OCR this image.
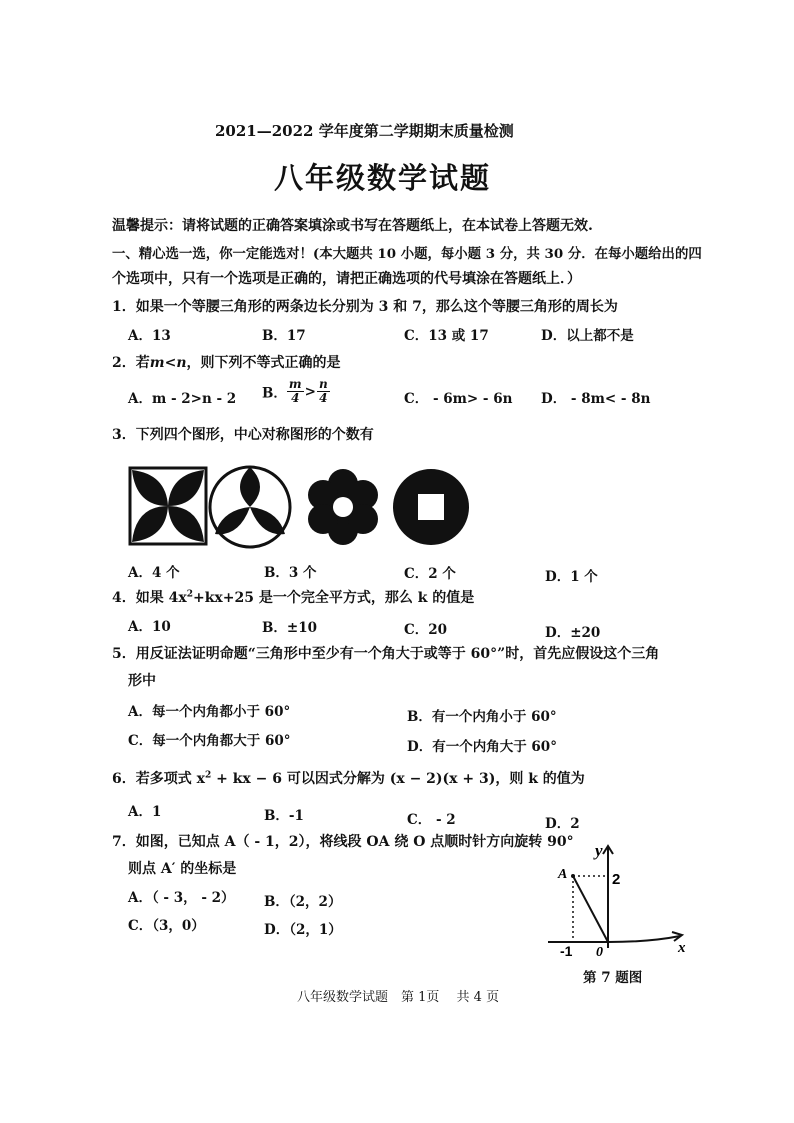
2021—2022 学年度第二学期期末质量检测
八年级数学试题
温馨提示：请将试题的正确答案填涂或书写在答题纸上，在本试卷上答题无效.
一、精心选一选，你一定能选对！(本大题共 10 小题，每小题 3 分，共 30 分．在每小题给出的四
个选项中，只有一个选项是正确的，请把正确选项的代号填涂在答题纸上．）
1．如果一个等腰三角形的两条边长分别为 3 和 7，那么这个等腰三角形的周长为
A．13	B．17	C．13 或 17	D．以上都不是
2．若m<n，则下列不等式正确的是
A．m - 2>n - 2 B． $\frac{m}{4} > \frac{n}{4}$	C． - 6m> - 6n D． - 8m< - 8n
3．下列四个图形，中心对称图形的个数有
A．4 个	B．3 个	C．2 个	D．1 个
4．如果 $4x^2+kx+25$ 是一个完全平方式，那么 k 的值是
A．10	B．±10	C．20	D．±20
5．用反证法证明命题“三角形中至少有一个角大于或等于 60°”时，首先应假设这个三角
形中
A．每一个内角都小于 60°	B．有一个内角小于 60°
C．每一个内角都大于 60°	D．有一个内角大于 60°
6．若多项式 $x^2$ + kx − 6 可以因式分解为 (x − 2)(x + 3)，则 k 的值为
A．1	B．-1	C． - 2	D．2
7．如图，已知点 A（ - 1，2），将线段 OA 绕 O 点顺时针方向旋转 90°
则点 A′ 的坐标是
A．（ - 3， - 2） B．（2，2）
C．（3，0）	D．（2，1）
A
y
2
-1 0	x
第 7 题图
八年级数学试题　第 1页　 共 4 页
